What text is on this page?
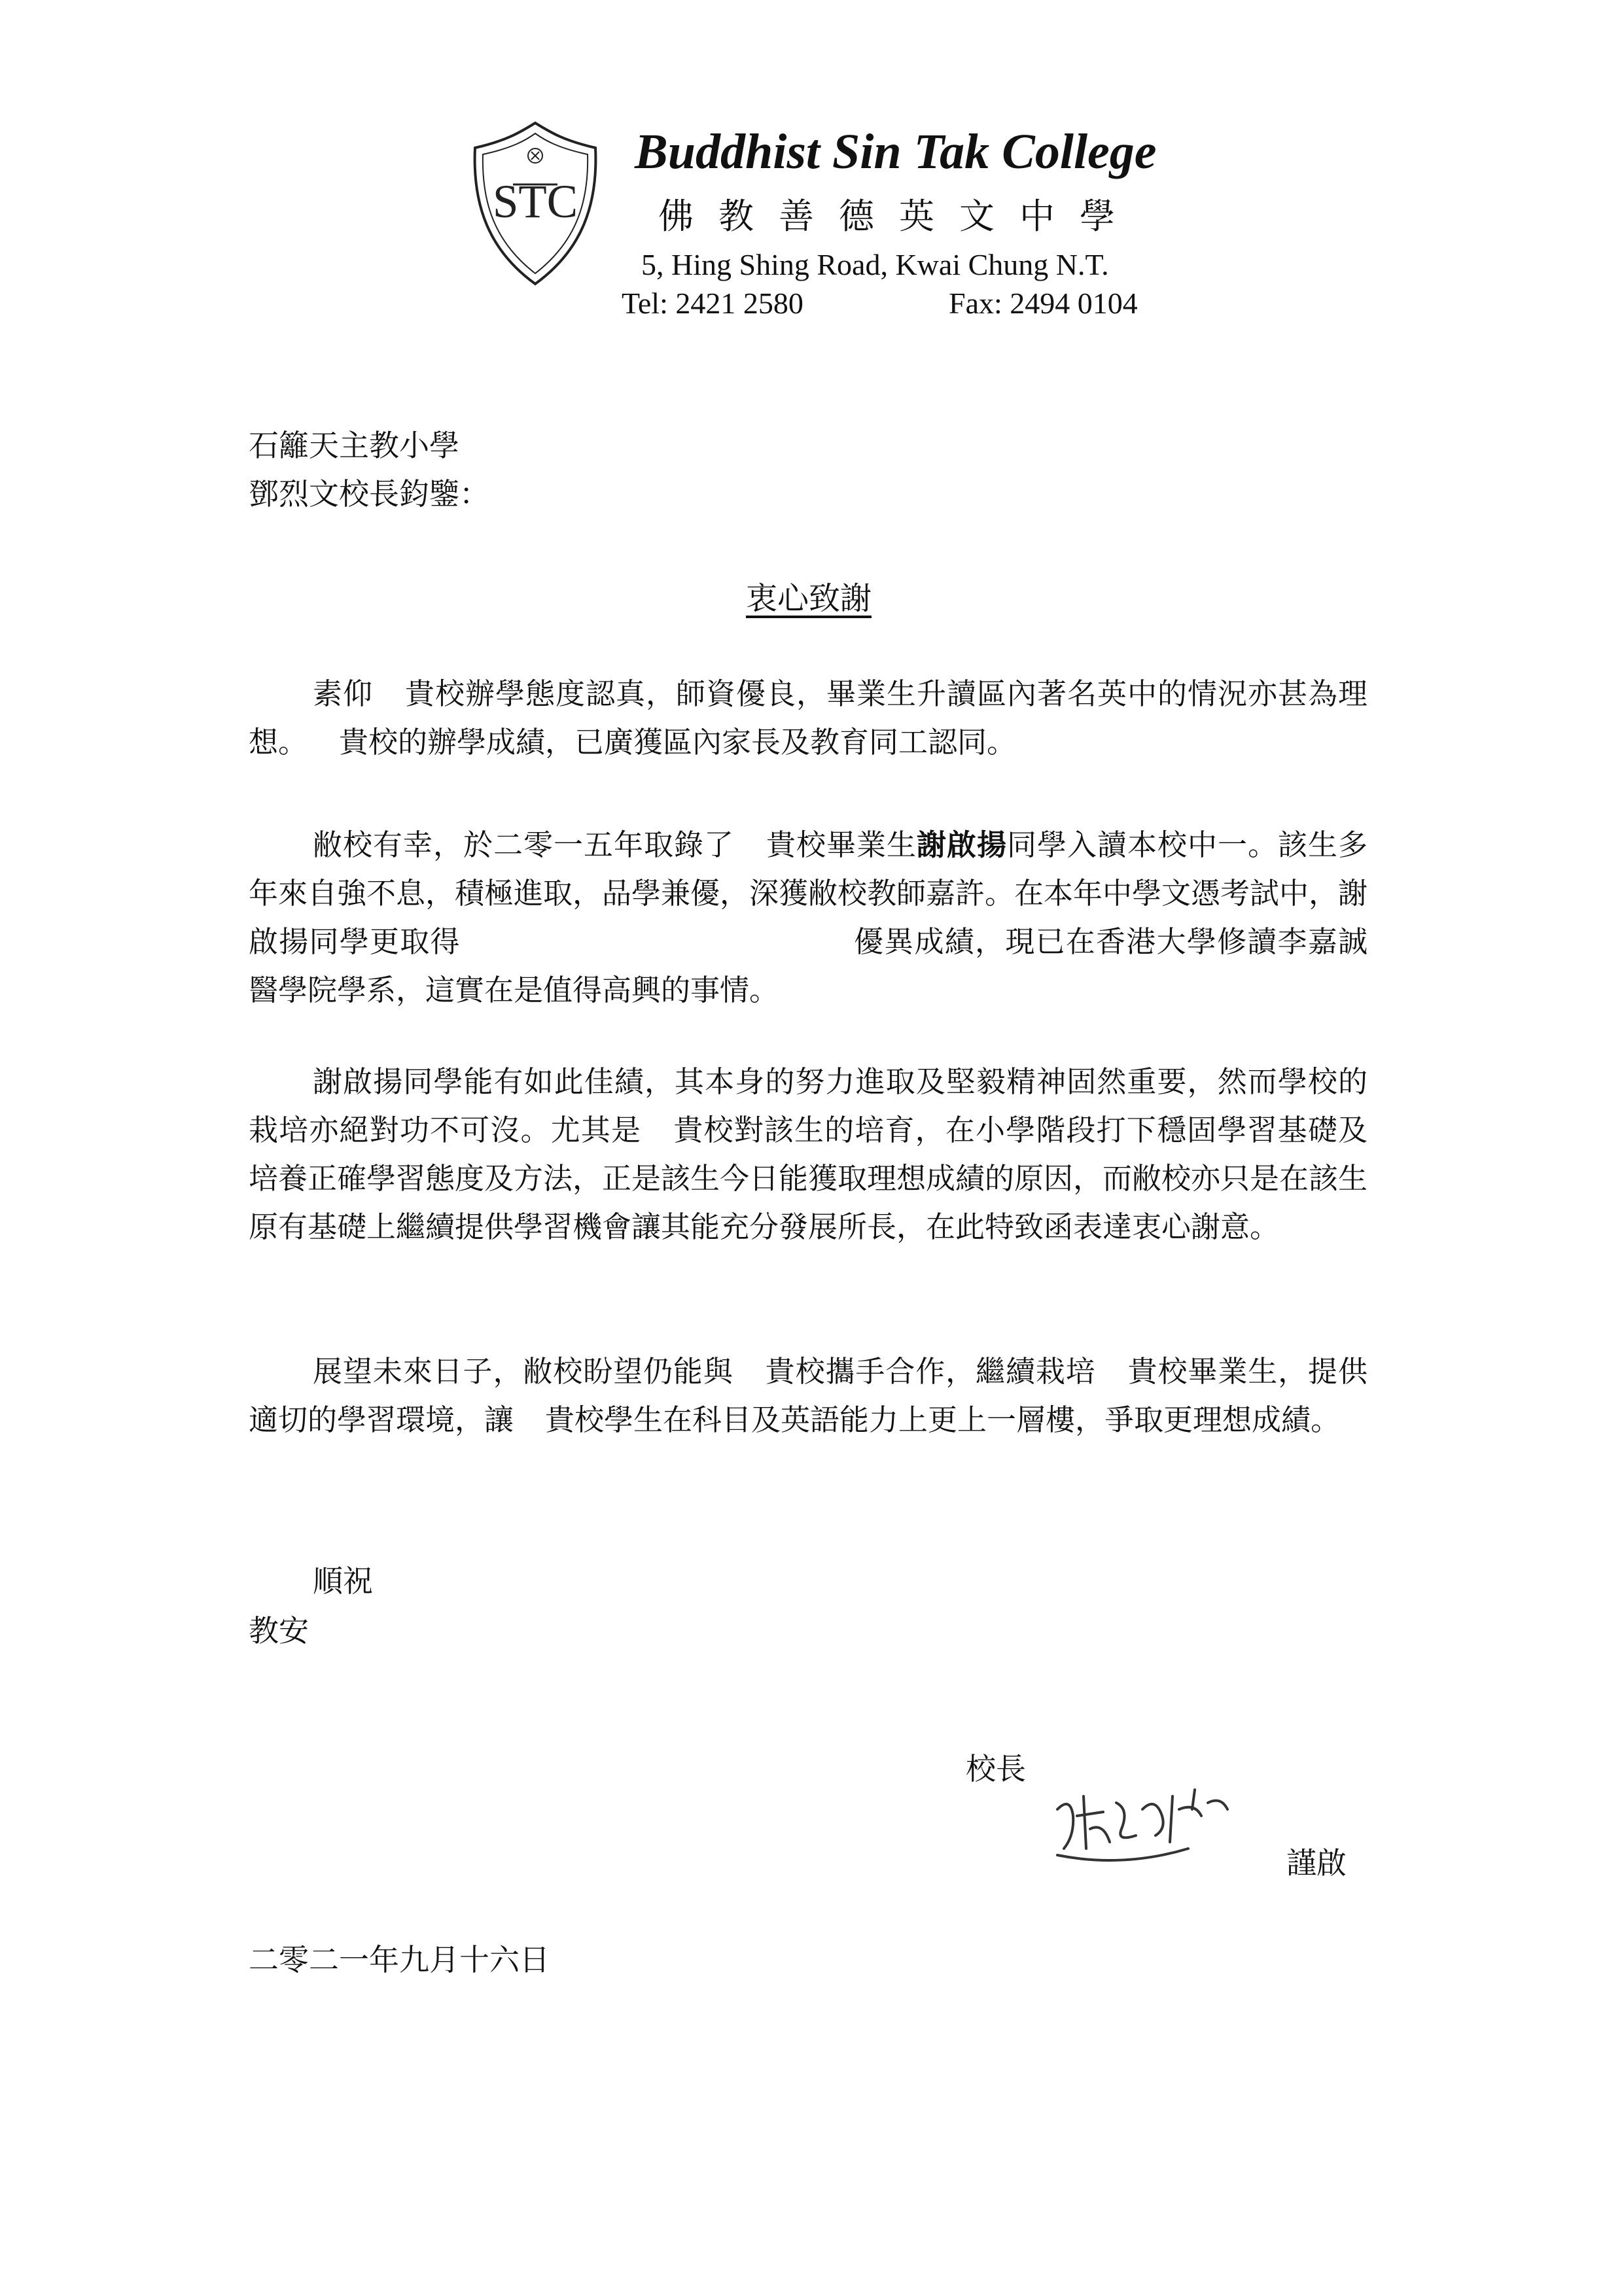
STC
Buddhist Sin Tak College
佛教善德英文中學
5, Hing Shing Road, Kwai Chung N.T.
Tel: 2421 2580	Fax: 2494 0104
石籬天主教小學
鄧烈文校長鈞鑒：
衷心致謝
素仰 貴校辦學態度認真，師資優良，畢業生升讀區內著名英中的情況亦甚為理想。 貴校的辦學成績，已廣獲區內家長及教育同工認同。
敝校有幸，於二零一五年取錄了 貴校畢業生謝啟揚同學入讀本校中一。該生多年來自強不息，積極進取，品學兼優，深獲敝校教師嘉許。在本年中學文憑考試中，謝啟揚同學更取得	優異成績，現已在香港大學修讀李嘉誠醫學院學系，這實在是值得高興的事情。
謝啟揚同學能有如此佳績，其本身的努力進取及堅毅精神固然重要，然而學校的栽培亦絕對功不可沒。尤其是 貴校對該生的培育，在小學階段打下穩固學習基礎及培養正確學習態度及方法，正是該生今日能獲取理想成績的原因，而敝校亦只是在該生原有基礎上繼續提供學習機會讓其能充分發展所長，在此特致函表達衷心謝意。
展望未來日子，敝校盼望仍能與 貴校攜手合作，繼續栽培 貴校畢業生，提供適切的學習環境，讓 貴校學生在科目及英語能力上更上一層樓，爭取更理想成績。
順祝
教安
校長
謹啟
二零二一年九月十六日
